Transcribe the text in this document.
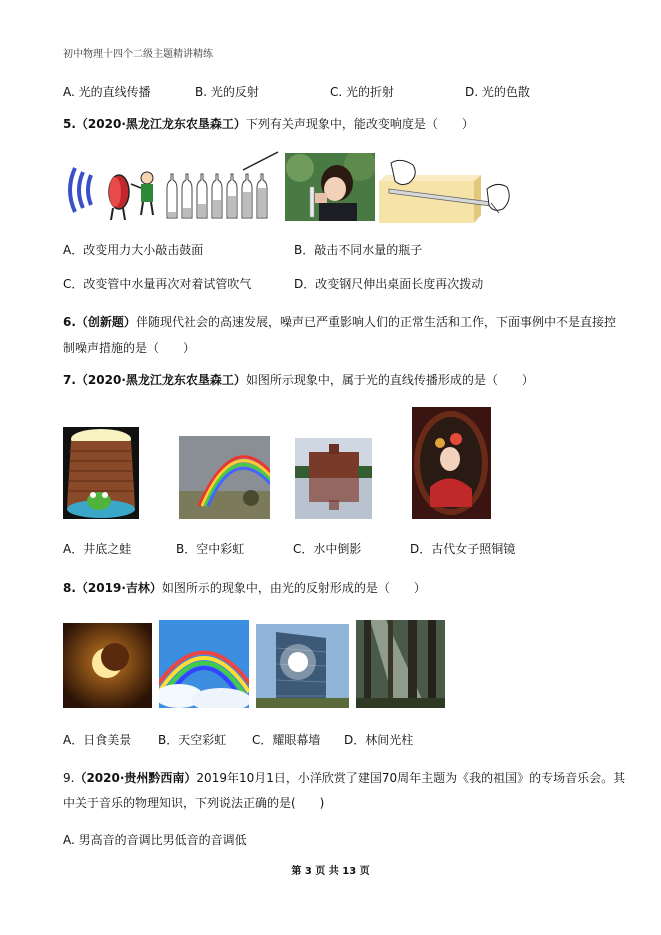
初中物理十四个二级主题精讲精练
A. 光的直线传播	B. 光的反射	C. 光的折射	D. 光的色散
5.（2020·黑龙江龙东农垦森工）下列有关声现象中，能改变响度是（　　）
A．改变用力大小敲击鼓面	B．敲击不同水量的瓶子
C．改变管中水量再次对着试管吹气	D．改变钢尺伸出桌面长度再次拨动
6.（创新题）伴随现代社会的高速发展，噪声已严重影响人们的正常生活和工作，下面事例中不是直接控
制噪声措施的是（　　）
7.（2020·黑龙江龙东农垦森工）如图所示现象中，属于光的直线传播形成的是（　　）
A．井底之蛙	B．空中彩虹	C．水中倒影	D．古代女子照铜镜
8.（2019·吉林）如图所示的现象中，由光的反射形成的是（　　）
A．日食美景 B．天空彩虹 C．耀眼幕墙 D．林间光柱
9.（2020·贵州黔西南）2019年10月1日，小洋欣赏了建国70周年主题为《我的祖国》的专场音乐会。其
中关于音乐的物理知识，下列说法正确的是(　　)
A. 男高音的音调比男低音的音调低
第 3 页 共 13 页
